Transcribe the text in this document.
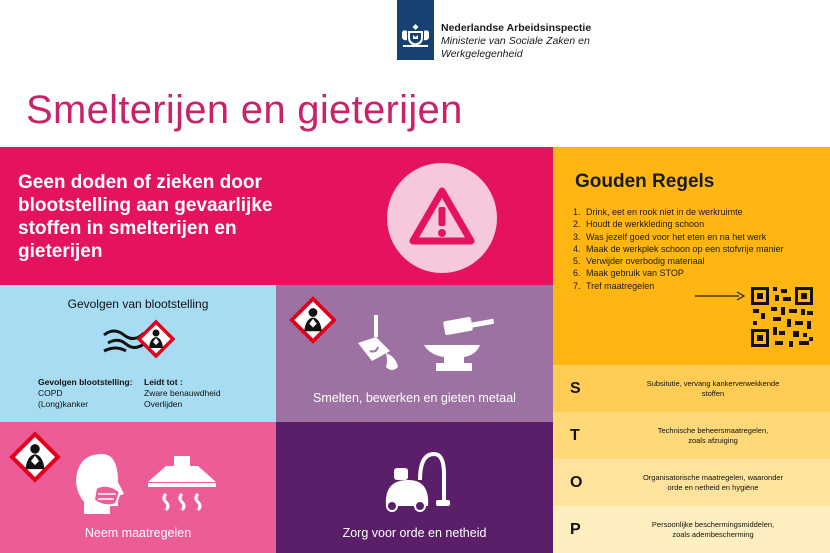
Nederlandse Arbeidsinspectie
Ministerie van Sociale Zaken en
Werkgelegenheid
Smelterijen en gieterijen
Geen doden of zieken door
blootstelling aan gevaarlijke
stoffen in smelterijen en
gieterijen
Gevolgen van blootstelling
Gevolgen blootstelling:
COPD
(Long)kanker
Leidt tot :
Zware benauwdheid
Overlijden	Smelten, bewerken en gieten metaal
Neem maatregelen	Zorg voor orde en netheid
Gouden Regels
1. Drink, eet en rook niet in de werkruimte
2. Houdt de werkkleding schoon
3. Was jezelf goed voor het eten en na het werk
4. Maak de werkplek schoon op een stofvrije manier
5. Verwijder overbodig materiaal
6. Maak gebruik van STOP
7. Tref maatregelen
S	Subsitutie, vervang kankerverwekkende
stoffen
T	Technische beheersmaatregelen,
zoals afzuiging
O	Organisatorische maatregelen, waaronder
orde en netheid en hygiëne
P	Persoonlijke beschermingsmiddelen,
zoals adembescherming
